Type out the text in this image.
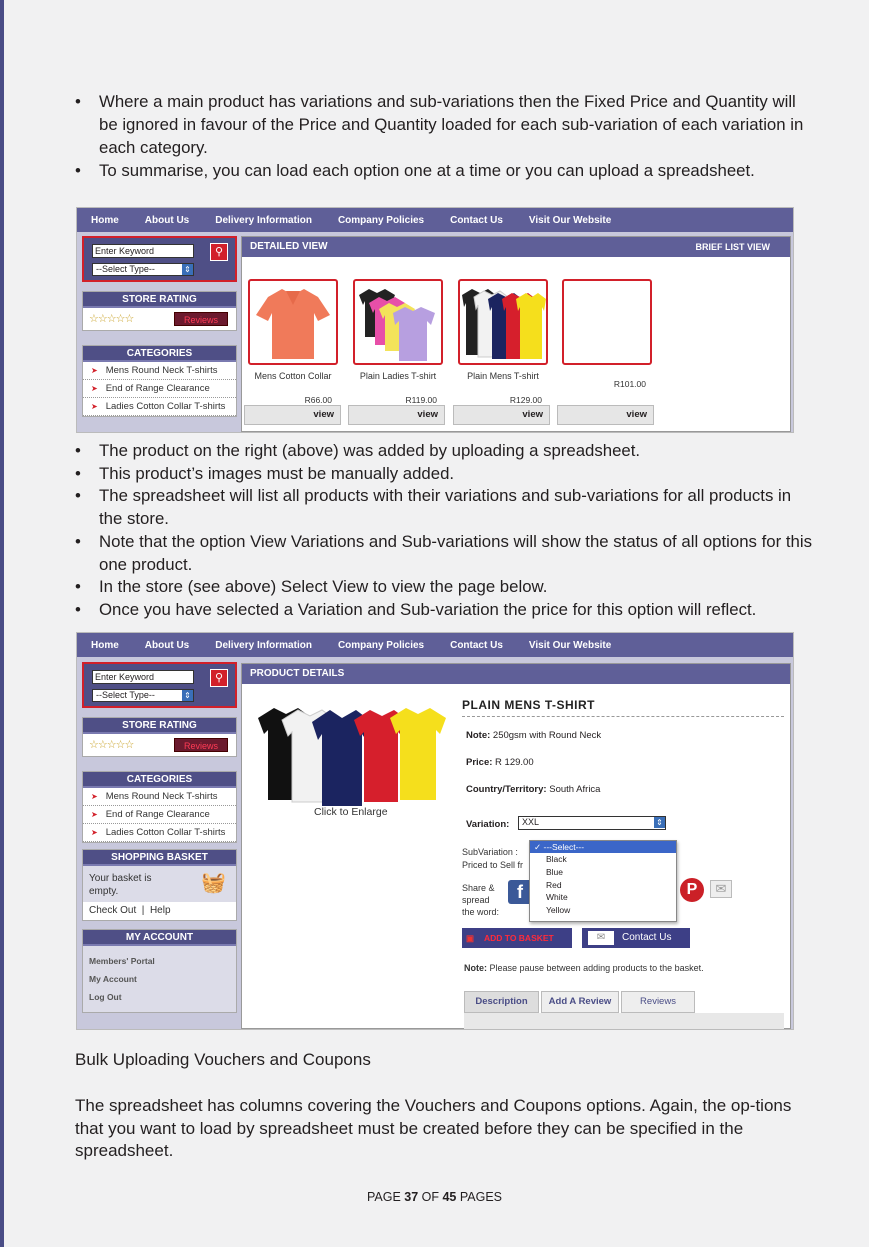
• Where a main product has variations and sub-variations then the Fixed Price and Quantity will be ignored in favour of the Price and Quantity loaded for each sub-variation of each variation in each category.
• To summarise, you can load each option one at a time or you can upload a spreadsheet.
Home	About Us	Delivery Information	Company Policies	Contact Us	Visit Our Website
Enter Keyword
--Select Type-- ⇕
⚲
STORE RATING
☆☆☆☆☆	Reviews
CATEGORIES
➤ Mens Round Neck T-shirts
➤ End of Range Clearance
➤ Ladies Cotton Collar T-shirts
DETAILED VIEW	BRIEF LIST VIEW
Mens Cotton Collar
R66.00
Plain Ladies T-shirt
R119.00
Plain Mens T-shirt
R129.00
R101.00
view	view	view	view
• The product on the right (above) was added by uploading a spreadsheet.
• This product’s images must be manually added.
• The spreadsheet will list all products with their variations and sub-variations for all products in the store.
• Note that the option View Variations and Sub-variations will show the status of all options for this one product.
• In the store (see above) Select View to view the page below.
• Once you have selected a Variation and Sub-variation the price for this option will reflect.
Home	About Us	Delivery Information	Company Policies	Contact Us	Visit Our Website
Enter Keyword
--Select Type-- ⇕
⚲
STORE RATING
☆☆☆☆☆	Reviews
CATEGORIES
➤ Mens Round Neck T-shirts
➤ End of Range Clearance
➤ Ladies Cotton Collar T-shirts
SHOPPING BASKET
Your basket is empty.	🧺
Check Out  |  Help
MY ACCOUNT
Members' Portal
My Account
Log Out
PRODUCT DETAILS
Click to Enlarge
PLAIN MENS T-SHIRT
Note: 250gsm with Round Neck
Price: R 129.00
Country/Territory: South Africa
Variation:	XXL ⇕
SubVariation :
Priced to Sell fr
Share & spread the word:
f	P	✉
✓ ---Select---
Black
Blue
Red
White
Yellow
▣ ADD TO BASKET	✉	Contact Us
Note: Please pause between adding products to the basket.
Description	Add A Review	Reviews
Bulk Uploading Vouchers and Coupons
The spreadsheet has columns covering the Vouchers and Coupons options. Again, the op-tions that you want to load by spreadsheet must be created before they can be specified in the spreadsheet.
PAGE 37 OF 45 PAGES
